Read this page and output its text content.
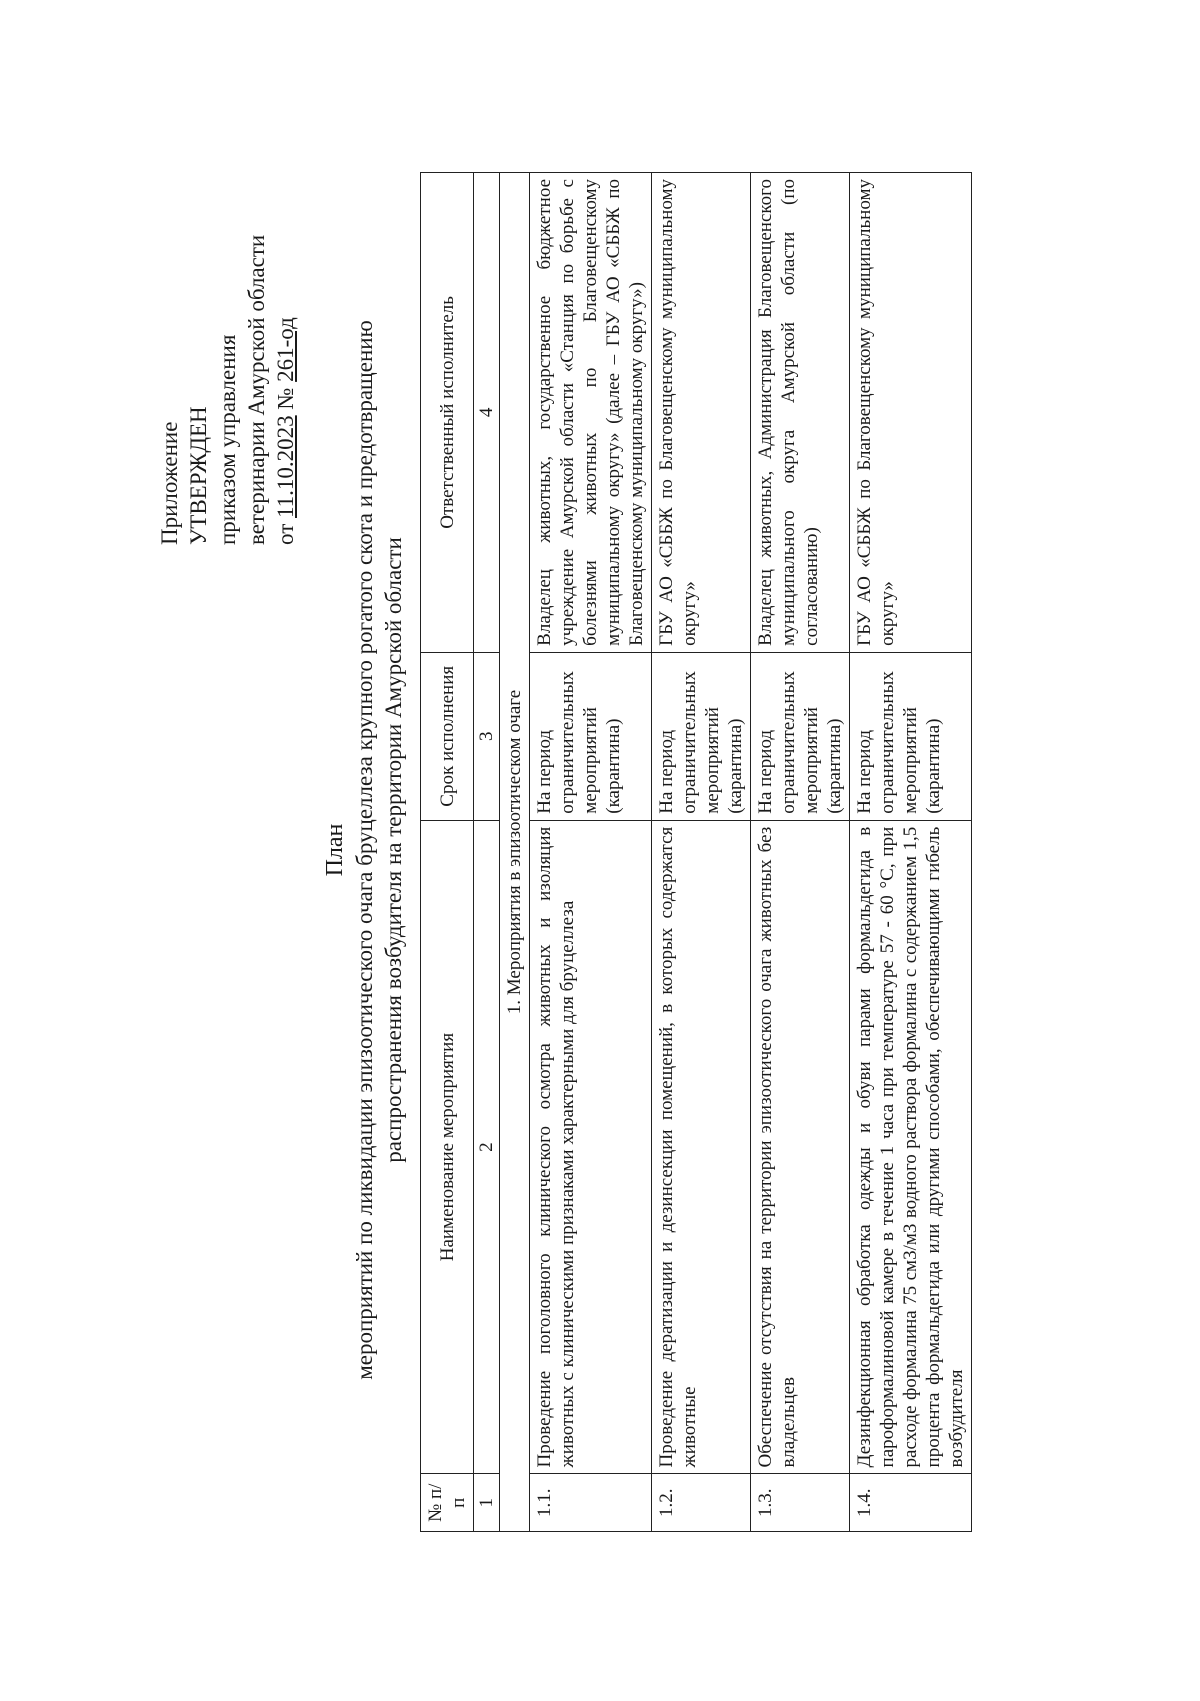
Приложение УТВЕРЖДЕН приказом управления ветеринарии Амурской области от 11.10.2023 № 261-од
План мероприятий по ликвидации эпизоотического очага бруцеллеза крупного рогатого скота и предотвращению распространения возбудителя на территории Амурской области
№ п/п	Наименование мероприятия	Срок исполнения	Ответственный исполнитель
1	2	3	4
1. Мероприятия в эпизоотическом очаге			
1.1.	Проведение поголовного клинического осмотра животных и изоляция животных с клиническими признаками характерными для бруцеллеза	На период ограничительных мероприятий (карантина)	Владелец животных, государственное бюджетное учреждение Амурской области «Станция по борьбе с болезнями животных по Благовещенскому муниципальному округу» (далее – ГБУ АО «СББЖ по Благовещенскому муниципальному округу»)
1.2.	Проведение дератизации и дезинсекции помещений, в которых содержатся животные	На период ограничительных мероприятий (карантина)	ГБУ АО «СББЖ по Благовещенскому муниципальному округу»
1.3.	Обеспечение отсутствия на территории эпизоотического очага животных без владельцев	На период ограничительных мероприятий (карантина)	Владелец животных, Администрация Благовещенского муниципального округа Амурской области (по согласованию)
1.4.	Дезинфекционная обработка одежды и обуви парами формальдегида в пароформалиновой камере в течение 1 часа при температуре 57 - 60 °С, при расходе формалина 75 см3/м3 водного раствора формалина с содержанием 1,5 процента формальдегида или другими способами, обеспечивающими гибель возбудителя	На период ограничительных мероприятий (карантина)	ГБУ АО «СББЖ по Благовещенскому муниципальному округу»
